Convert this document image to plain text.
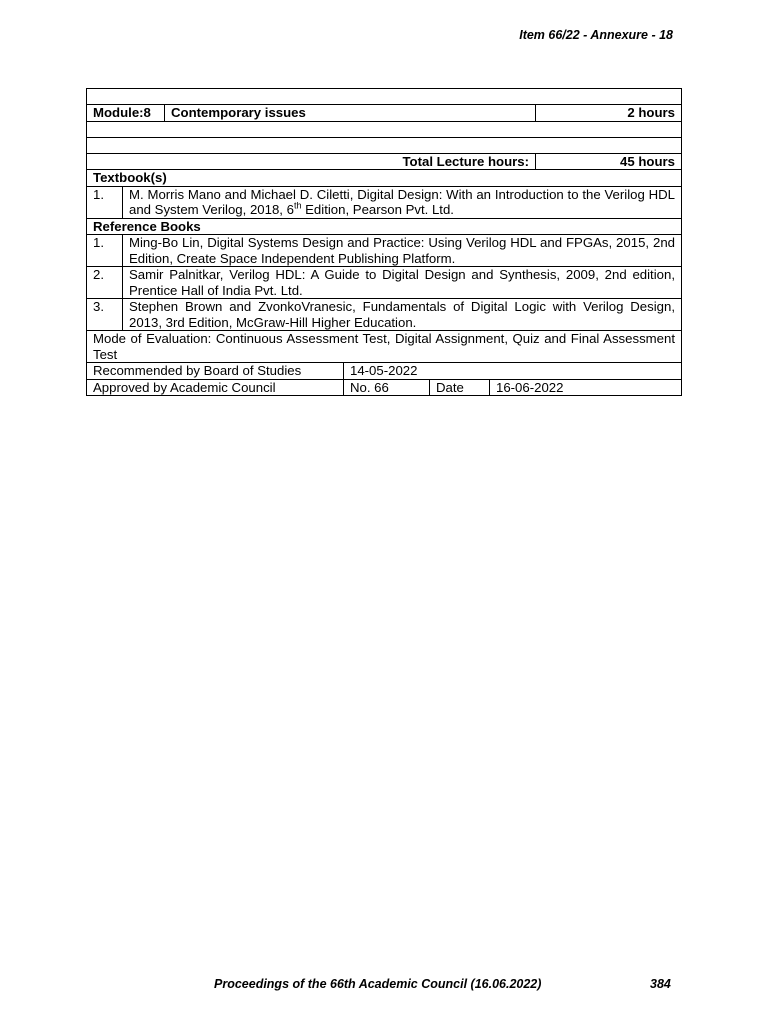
Item 66/22 - Annexure - 18
Module:8	Contemporary issues	2 hours
Total Lecture hours:	45 hours
Textbook(s)
1.	M. Morris Mano and Michael D. Ciletti, Digital Design: With an Introduction to the Verilog HDL and System Verilog, 2018, 6th Edition, Pearson Pvt. Ltd.
Reference Books
1.	Ming-Bo Lin, Digital Systems Design and Practice: Using Verilog HDL and FPGAs, 2015, 2nd Edition, Create Space Independent Publishing Platform.
2.	Samir Palnitkar, Verilog HDL: A Guide to Digital Design and Synthesis, 2009, 2nd edition, Prentice Hall of India Pvt. Ltd.
3.	Stephen Brown and ZvonkoVranesic, Fundamentals of Digital Logic with Verilog Design, 2013, 3rd Edition, McGraw-Hill Higher Education.
Mode of Evaluation: Continuous Assessment Test, Digital Assignment, Quiz and Final Assessment Test
Recommended by Board of Studies	14-05-2022
Approved by Academic Council	No. 66	Date	16-06-2022
Proceedings of the 66th Academic Council (16.06.2022)	384
